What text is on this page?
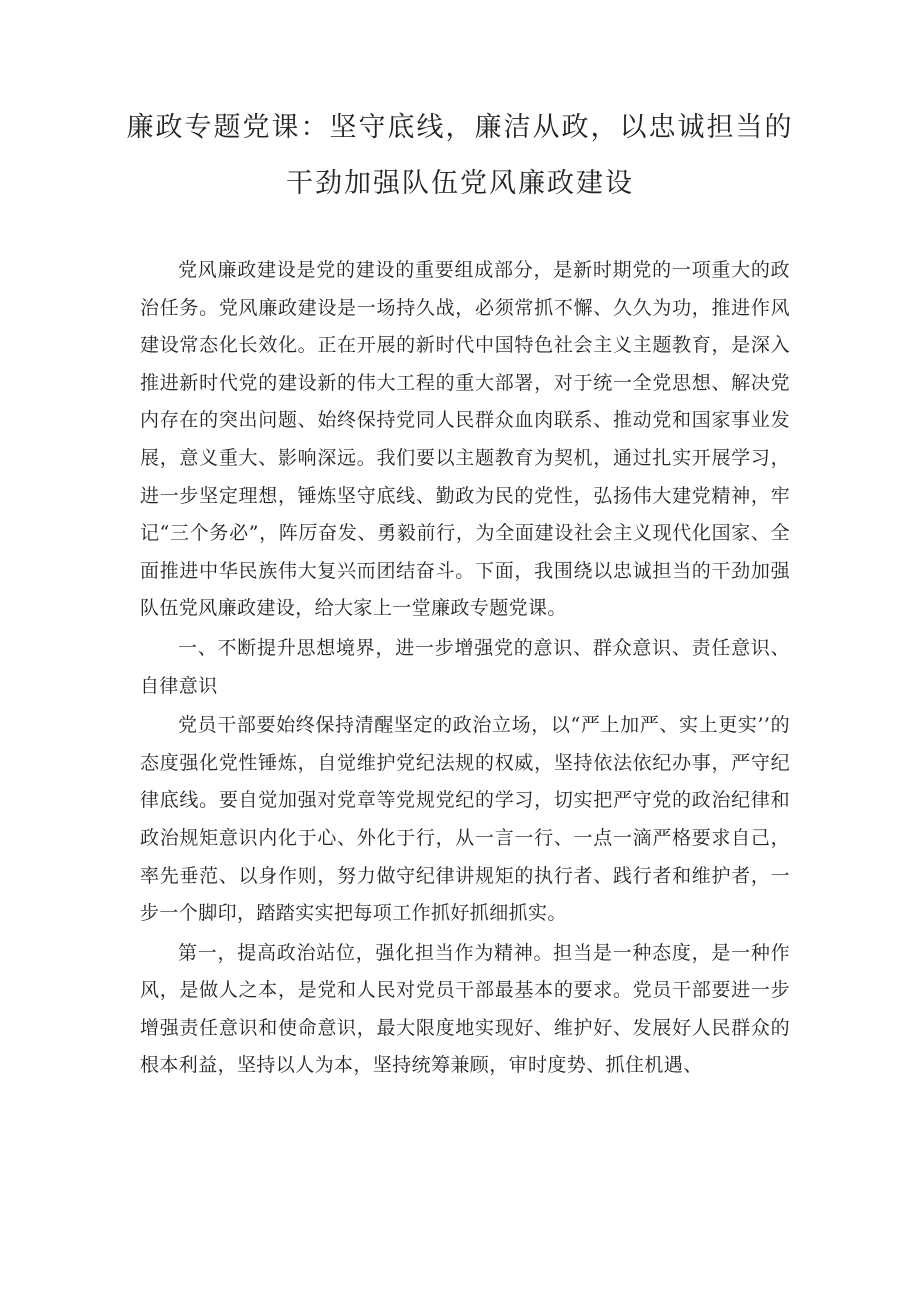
廉政专题党课：坚守底线，廉洁从政，以忠诚担当的
干劲加强队伍党风廉政建设

党风廉政建设是党的建设的重要组成部分，是新时期党的一项重大的政治任务。党风廉政建设是一场持久战，必须常抓不懈、久久为功，推进作风建设常态化长效化。正在开展的新时代中国特色社会主义主题教育，是深入推进新时代党的建设新的伟大工程的重大部署，对于统一全党思想、解决党内存在的突出问题、始终保持党同人民群众血肉联系、推动党和国家事业发展，意义重大、影响深远。我们要以主题教育为契机，通过扎实开展学习，进一步坚定理想，锤炼坚守底线、勤政为民的党性，弘扬伟大建党精神，牢记“三个务必”，阵厉奋发、勇毅前行，为全面建设社会主义现代化国家、全面推进中华民族伟大复兴而团结奋斗。下面，我围绕以忠诚担当的干劲加强队伍党风廉政建设，给大家上一堂廉政专题党课。

一、不断提升思想境界，进一步增强党的意识、群众意识、责任意识、自律意识

党员干部要始终保持清醒坚定的政治立场，以“严上加严、实上更实’’的态度强化党性锤炼，自觉维护党纪法规的权威，坚持依法依纪办事，严守纪律底线。要自觉加强对党章等党规党纪的学习，切实把严守党的政治纪律和政治规矩意识内化于心、外化于行，从一言一行、一点一滴严格要求自己，率先垂范、以身作则，努力做守纪律讲规矩的执行者、践行者和维护者，一步一个脚印，踏踏实实把每项工作抓好抓细抓实。

第一，提高政治站位，强化担当作为精神。担当是一种态度，是一种作风，是做人之本，是党和人民对党员干部最基本的要求。党员干部要进一步增强责任意识和使命意识，最大限度地实现好、维护好、发展好人民群众的根本利益，坚持以人为本，坚持统筹兼顾，审时度势、抓住机遇、
